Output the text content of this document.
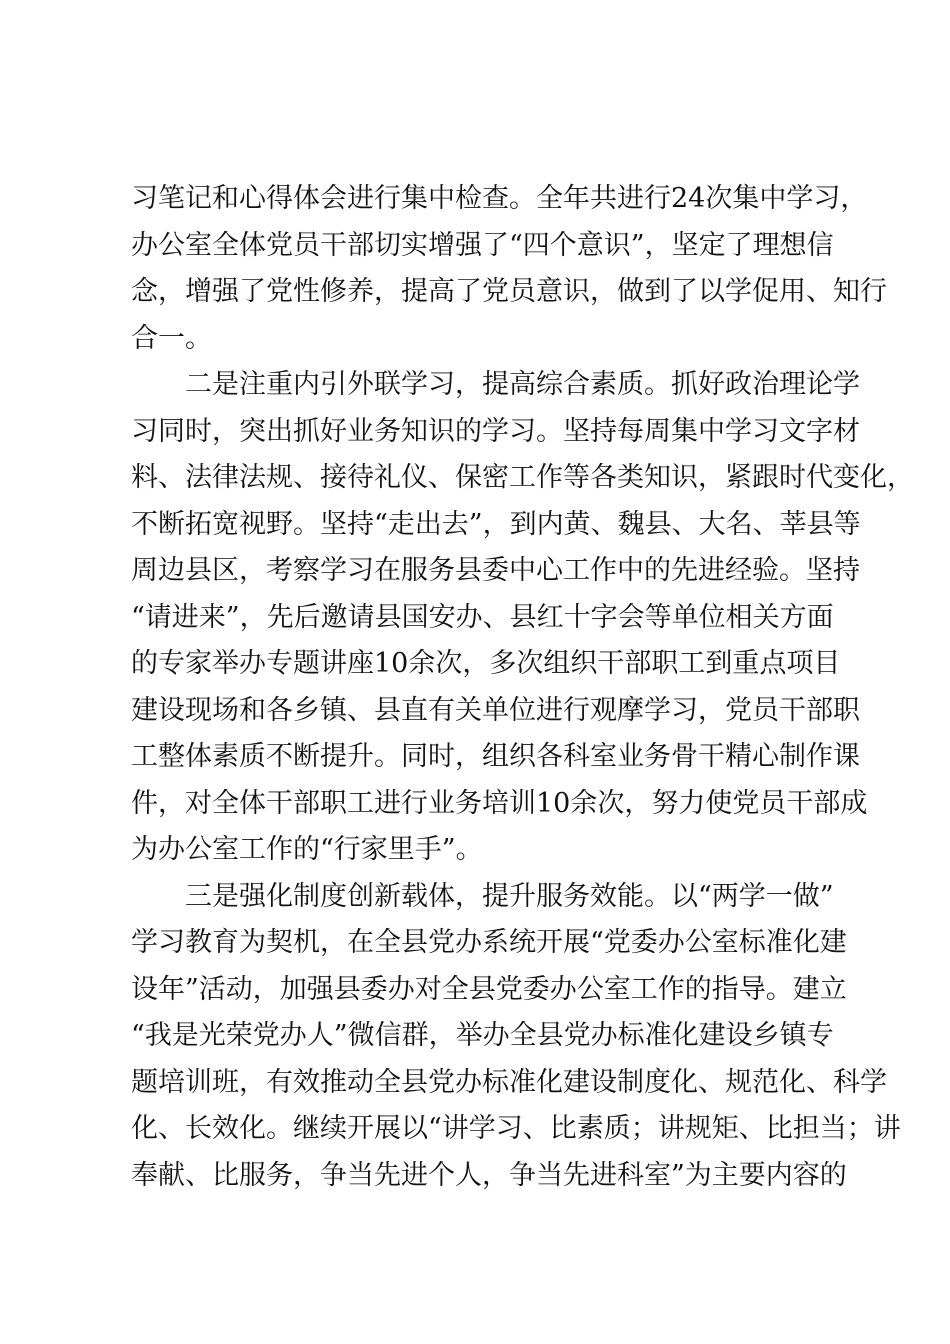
习笔记和心得体会进行集中检查。全年共进行24次集中学习，
办公室全体党员干部切实增强了“四个意识”，坚定了理想信
念，增强了党性修养，提高了党员意识，做到了以学促用、知行
合一。
二是注重内引外联学习，提高综合素质。抓好政治理论学
习同时，突出抓好业务知识的学习。坚持每周集中学习文字材
料、法律法规、接待礼仪、保密工作等各类知识，紧跟时代变化，
不断拓宽视野。坚持“走出去”，到内黄、魏县、大名、莘县等
周边县区，考察学习在服务县委中心工作中的先进经验。坚持
“请进来”，先后邀请县国安办、县红十字会等单位相关方面
的专家举办专题讲座10余次，多次组织干部职工到重点项目
建设现场和各乡镇、县直有关单位进行观摩学习，党员干部职
工整体素质不断提升。同时，组织各科室业务骨干精心制作课
件，对全体干部职工进行业务培训10余次，努力使党员干部成
为办公室工作的“行家里手”。
三是强化制度创新载体，提升服务效能。以“两学一做”
学习教育为契机，在全县党办系统开展“党委办公室标准化建
设年”活动，加强县委办对全县党委办公室工作的指导。建立
“我是光荣党办人”微信群，举办全县党办标准化建设乡镇专
题培训班，有效推动全县党办标准化建设制度化、规范化、科学
化、长效化。继续开展以“讲学习、比素质；讲规矩、比担当；讲
奉献、比服务，争当先进个人，争当先进科室”为主要内容的
